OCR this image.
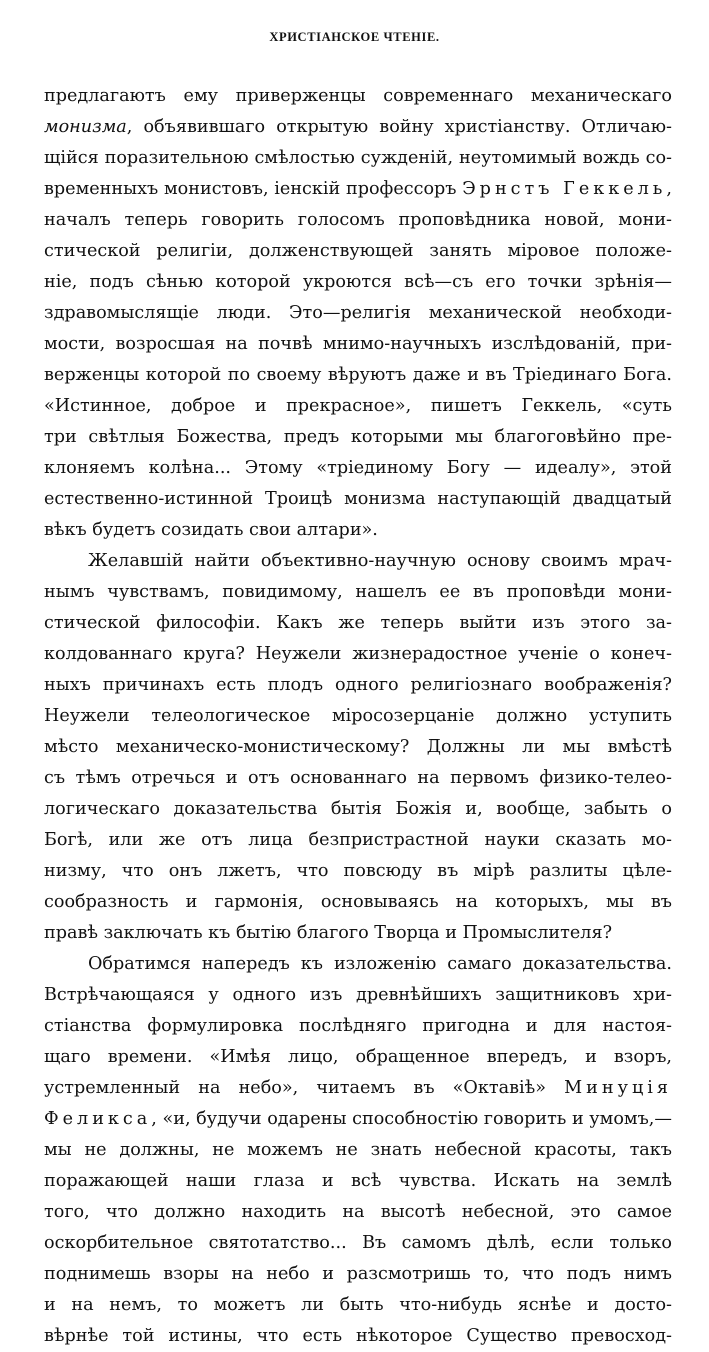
ХРИСТIАНСКОЕ ЧТЕНIЕ.
предлагаютъ ему приверженцы современнаго механическаго
монизма, объявившаго открытую войну христiанству. Отличаю-
щiйся поразительною смѣлостью сужденiй, неутомимый вождь со-
временныхъ монистовъ, iенскiй профессоръ Эрнстъ Геккель,
началъ теперь говорить голосомъ проповѣдника новой, мони-
стической религiи, долженствующей занять мiровое положе-
нiе, подъ сѣнью которой укроются всѣ—съ его точки зрѣнiя—
здравомыслящiе люди. Это—религiя механической необходи-
мости, возросшая на почвѣ мнимо-научныхъ изслѣдованiй, при-
верженцы которой по своему вѣруютъ даже и въ Трiединаго Бога.
«Истинное, доброе и прекрасное», пишетъ Геккель, «суть
три свѣтлыя Божества, предъ которыми мы благоговѣйно пре-
клоняемъ колѣна... Этому «трiединому Богу — идеалу», этой
естественно-истинной Троицѣ монизма наступающiй двадцатый
вѣкъ будетъ созидать свои алтари».
Желавшiй найти объективно-научную основу своимъ мрач-
нымъ чувствамъ, повидимому, нашелъ ее въ проповѣди мони-
стической философiи. Какъ же теперь выйти изъ этого за-
колдованнаго круга? Неужели жизнерадостное ученiе о конеч-
ныхъ причинахъ есть плодъ одного религiознаго воображенiя?
Неужели телеологическое мiросозерцанiе должно уступить
мѣсто механическо-монистическому? Должны ли мы вмѣстѣ
съ тѣмъ отречься и отъ основаннаго на первомъ физико-телео-
логическаго доказательства бытiя Божiя и, вообще, забыть о
Богѣ, или же отъ лица безпристрастной науки сказать мо-
низму, что онъ лжетъ, что повсюду въ мiрѣ разлиты цѣле-
сообразность и гармонiя, основываясь на которыхъ, мы въ
правѣ заключать къ бытiю благого Творца и Промыслителя?
Обратимся напередъ къ изложенiю самаго доказательства.
Встрѣчающаяся у одного изъ древнѣйшихъ защитниковъ хри-
стiанства формулировка послѣдняго пригодна и для настоя-
щаго времени. «Имѣя лицо, обращенное впередъ, и взоръ,
устремленный на небо», читаемъ въ «Октавiѣ» Минуцiя
Феликса, «и, будучи одарены способностiю говорить и умомъ,—
мы не должны, не можемъ не знать небесной красоты, такъ
поражающей наши глаза и всѣ чувства. Искать на землѣ
того, что должно находить на высотѣ небесной, это самое
оскорбительное святотатство... Въ самомъ дѣлѣ, если только
поднимешь взоры на небо и разсмотришь то, что подъ нимъ
и на немъ, то можетъ ли быть что-нибудь яснѣе и досто-
вѣрнѣе той истины, что есть нѣкоторое Существо превосход-
